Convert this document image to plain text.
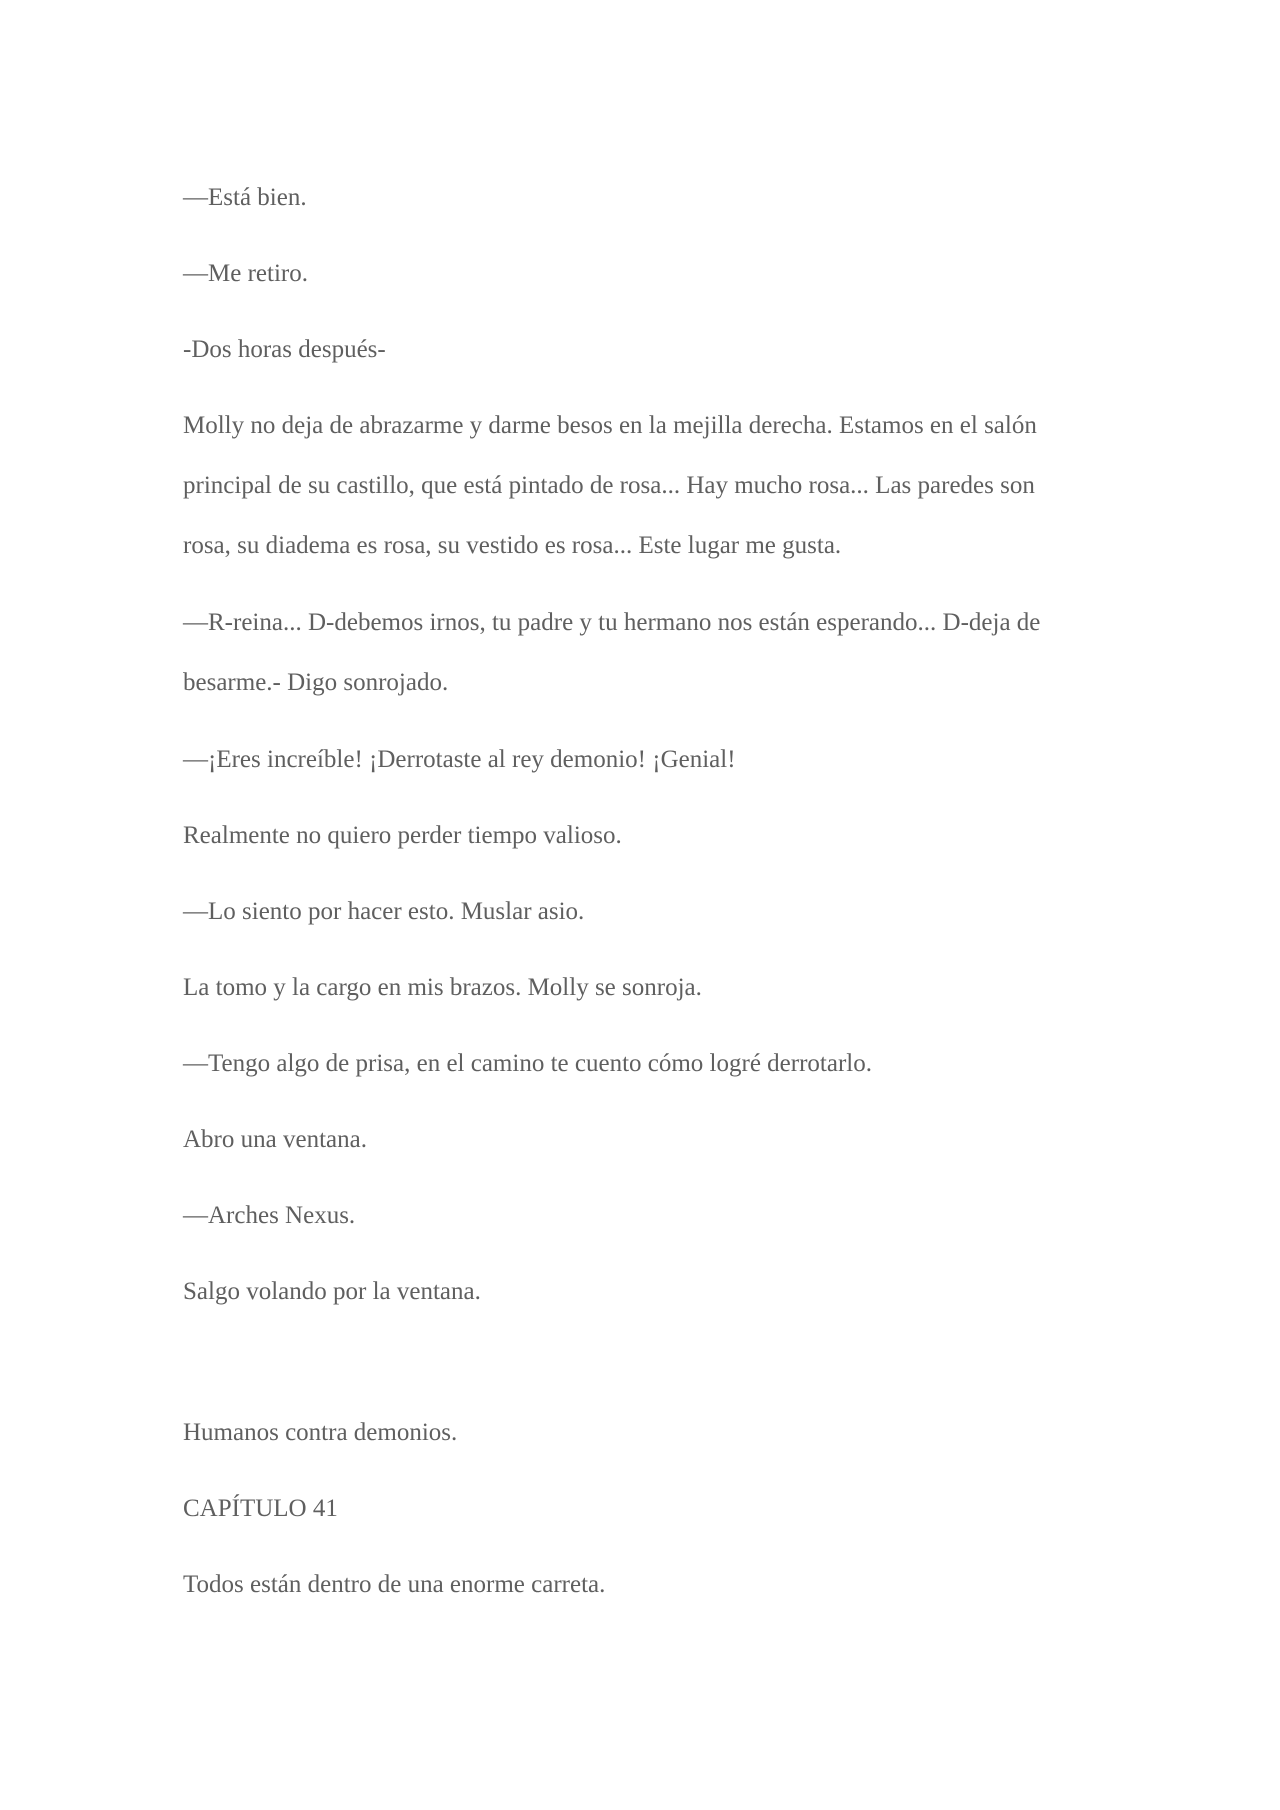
—Está bien.

—Me retiro.

-Dos horas después-

Molly no deja de abrazarme y darme besos en la mejilla derecha. Estamos en el salón

principal de su castillo, que está pintado de rosa... Hay mucho rosa... Las paredes son

rosa, su diadema es rosa, su vestido es rosa... Este lugar me gusta.

—R-reina... D-debemos irnos, tu padre y tu hermano nos están esperando... D-deja de

besarme.- Digo sonrojado.

—¡Eres increíble! ¡Derrotaste al rey demonio! ¡Genial!

Realmente no quiero perder tiempo valioso.

—Lo siento por hacer esto. Muslar asio.

La tomo y la cargo en mis brazos. Molly se sonroja.

—Tengo algo de prisa, en el camino te cuento cómo logré derrotarlo.

Abro una ventana.

—Arches Nexus.

Salgo volando por la ventana.

Humanos contra demonios.

CAPÍTULO 41

Todos están dentro de una enorme carreta.
